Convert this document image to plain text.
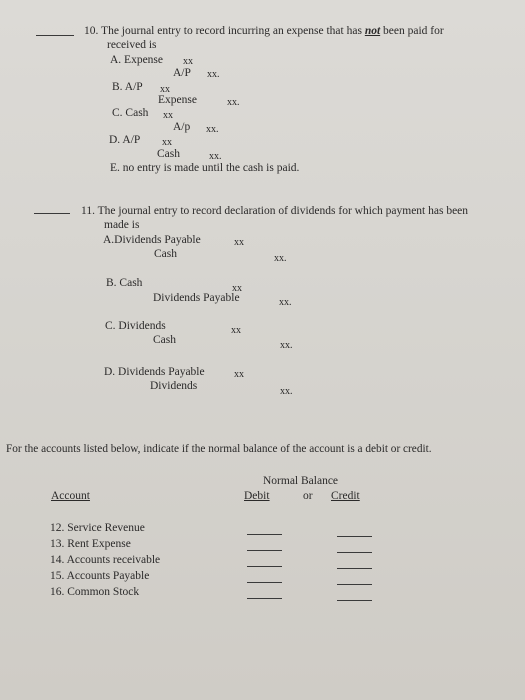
10. The journal entry to record incurring an expense that has not been paid for
received is
A. Expense xx
A/P xx.
B. A/P xx
Expense	xx.
C. Cash xx
A/p xx.
D. A/P xx
Cash	xx.
E. no entry is made until the cash is paid.
11. The journal entry to record declaration of dividends for which payment has been
made is
A.Dividends Payable	xx
Cash	xx.
B. Cash	xx
Dividends Payable	xx.
C. Dividends	xx
Cash	xx.
D. Dividends Payable	xx
Dividends	xx.
For the accounts listed below, indicate if the normal balance of the account is a debit or credit.
Normal Balance
Account	Debit	or Credit
12. Service Revenue
13. Rent Expense
14. Accounts receivable
15. Accounts Payable
16. Common Stock
